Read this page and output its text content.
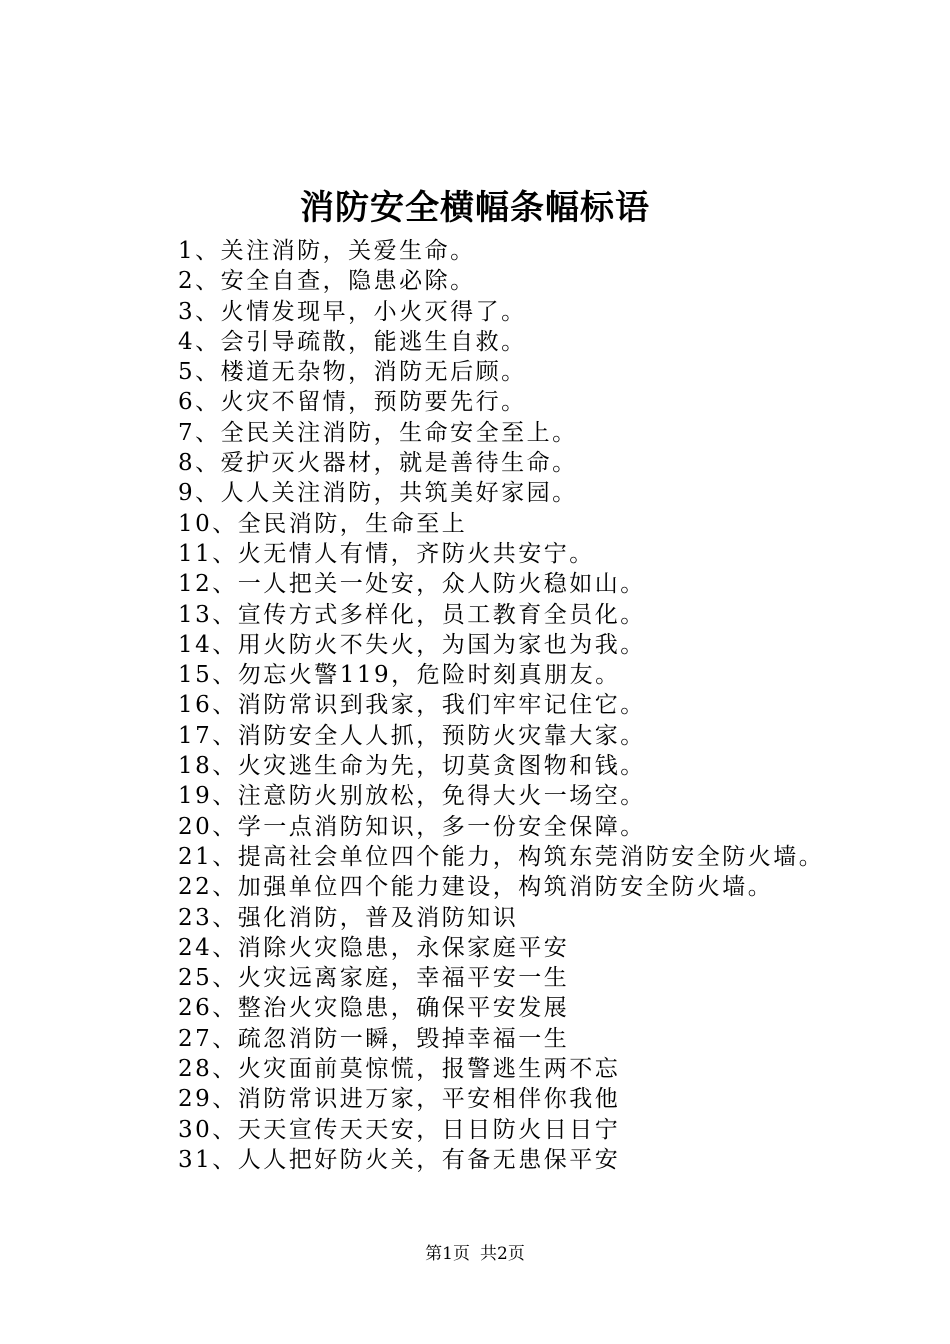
消防安全横幅条幅标语
1、关注消防，关爱生命。
2、安全自查，隐患必除。
3、火情发现早，小火灭得了。
4、会引导疏散，能逃生自救。
5、楼道无杂物，消防无后顾。
6、火灾不留情，预防要先行。
7、全民关注消防，生命安全至上。
8、爱护灭火器材，就是善待生命。
9、人人关注消防，共筑美好家园。
10、全民消防，生命至上
11、火无情人有情，齐防火共安宁。
12、一人把关一处安，众人防火稳如山。
13、宣传方式多样化，员工教育全员化。
14、用火防火不失火，为国为家也为我。
15、勿忘火警119，危险时刻真朋友。
16、消防常识到我家，我们牢牢记住它。
17、消防安全人人抓，预防火灾靠大家。
18、火灾逃生命为先，切莫贪图物和钱。
19、注意防火别放松，免得大火一场空。
20、学一点消防知识，多一份安全保障。
21、提高社会单位四个能力，构筑东莞消防安全防火墙。
22、加强单位四个能力建设，构筑消防安全防火墙。
23、强化消防，普及消防知识
24、消除火灾隐患，永保家庭平安
25、火灾远离家庭，幸福平安一生
26、整治火灾隐患，确保平安发展
27、疏忽消防一瞬，毁掉幸福一生
28、火灾面前莫惊慌，报警逃生两不忘
29、消防常识进万家，平安相伴你我他
30、天天宣传天天安，日日防火日日宁
31、人人把好防火关，有备无患保平安
第1页 共2页
